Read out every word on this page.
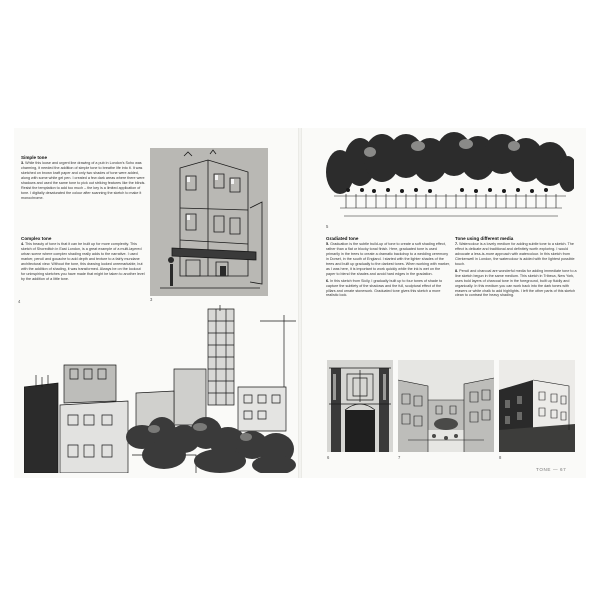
Simple tone

3. While this loose and urgent line drawing of a pub in London's Soho was charming, it needed the addition of simple tone to breathe life into it. It was sketched on brown kraft paper and only two shades of tone were added, along with some white gel pen. I created a few dark areas where there were shadows and used the same tone to pick out striking features like the blinds. Resist the temptation to add too much – the key is a limited application of tone. I digitally desaturated the colour after scanning the sketch to make it monochrome.

Complex tone

4. This beauty of tone is that it can be built up for more complexity. This sketch of Shoreditch in East London, is a great example of a multi-layered urban scene where complex shading really adds to the narrative. I used marker, pencil and gouache to add depth and texture to a fairly mundane architectural view. Without the tone, this drawing looked unremarkable, but with the addition of shading, it was transformed. Always be on the lookout for uninspiring sketches you have made that might be taken to another level by the addition of a little tone.

3
4
5
Gradiated tone

5. Graduation is the subtle build-up of tone to create a soft shading effect, rather than a flat or blocky tonal finish. Here, graduated tone is used primarily in the trees to create a dramatic backdrop to a wedding ceremony in Dorset, in the south of England. I started with the lighter shades of the trees and built up gradually to the darkest tones. When working with marker, as I was here, it is important to work quickly while the ink is wet on the paper to blend the shades and avoid hard edges in the gradation.

6. In this sketch from Sicily, I gradually built up to four tones of shade to capture the subtlety of the shadows and the full, sculptural effect of the pillars and ornate stonework. Graduated tone gives this sketch a more realistic look.

Tone using different media

7. Watercolour is a lovely medium for adding subtle tone to a sketch. The effect is delicate and traditional and definitely worth exploring. I would advocate a less-is-more approach with watercolour. In this sketch from Clerkenwell in London, the watercolour is added with the lightest possible touch.

8. Pencil and charcoal are wonderful media for adding immediate tone to a line sketch begun in the same medium. This sketch in Tribeca, New York, uses bold layers of charcoal tone in the foreground, built up fluidly and organically. In this medium you can work back into the dark tones with erasers or white chalk to add highlights. I left the other parts of this sketch clean to contrast the heavy shading.

6	7	8
TONE — 67
